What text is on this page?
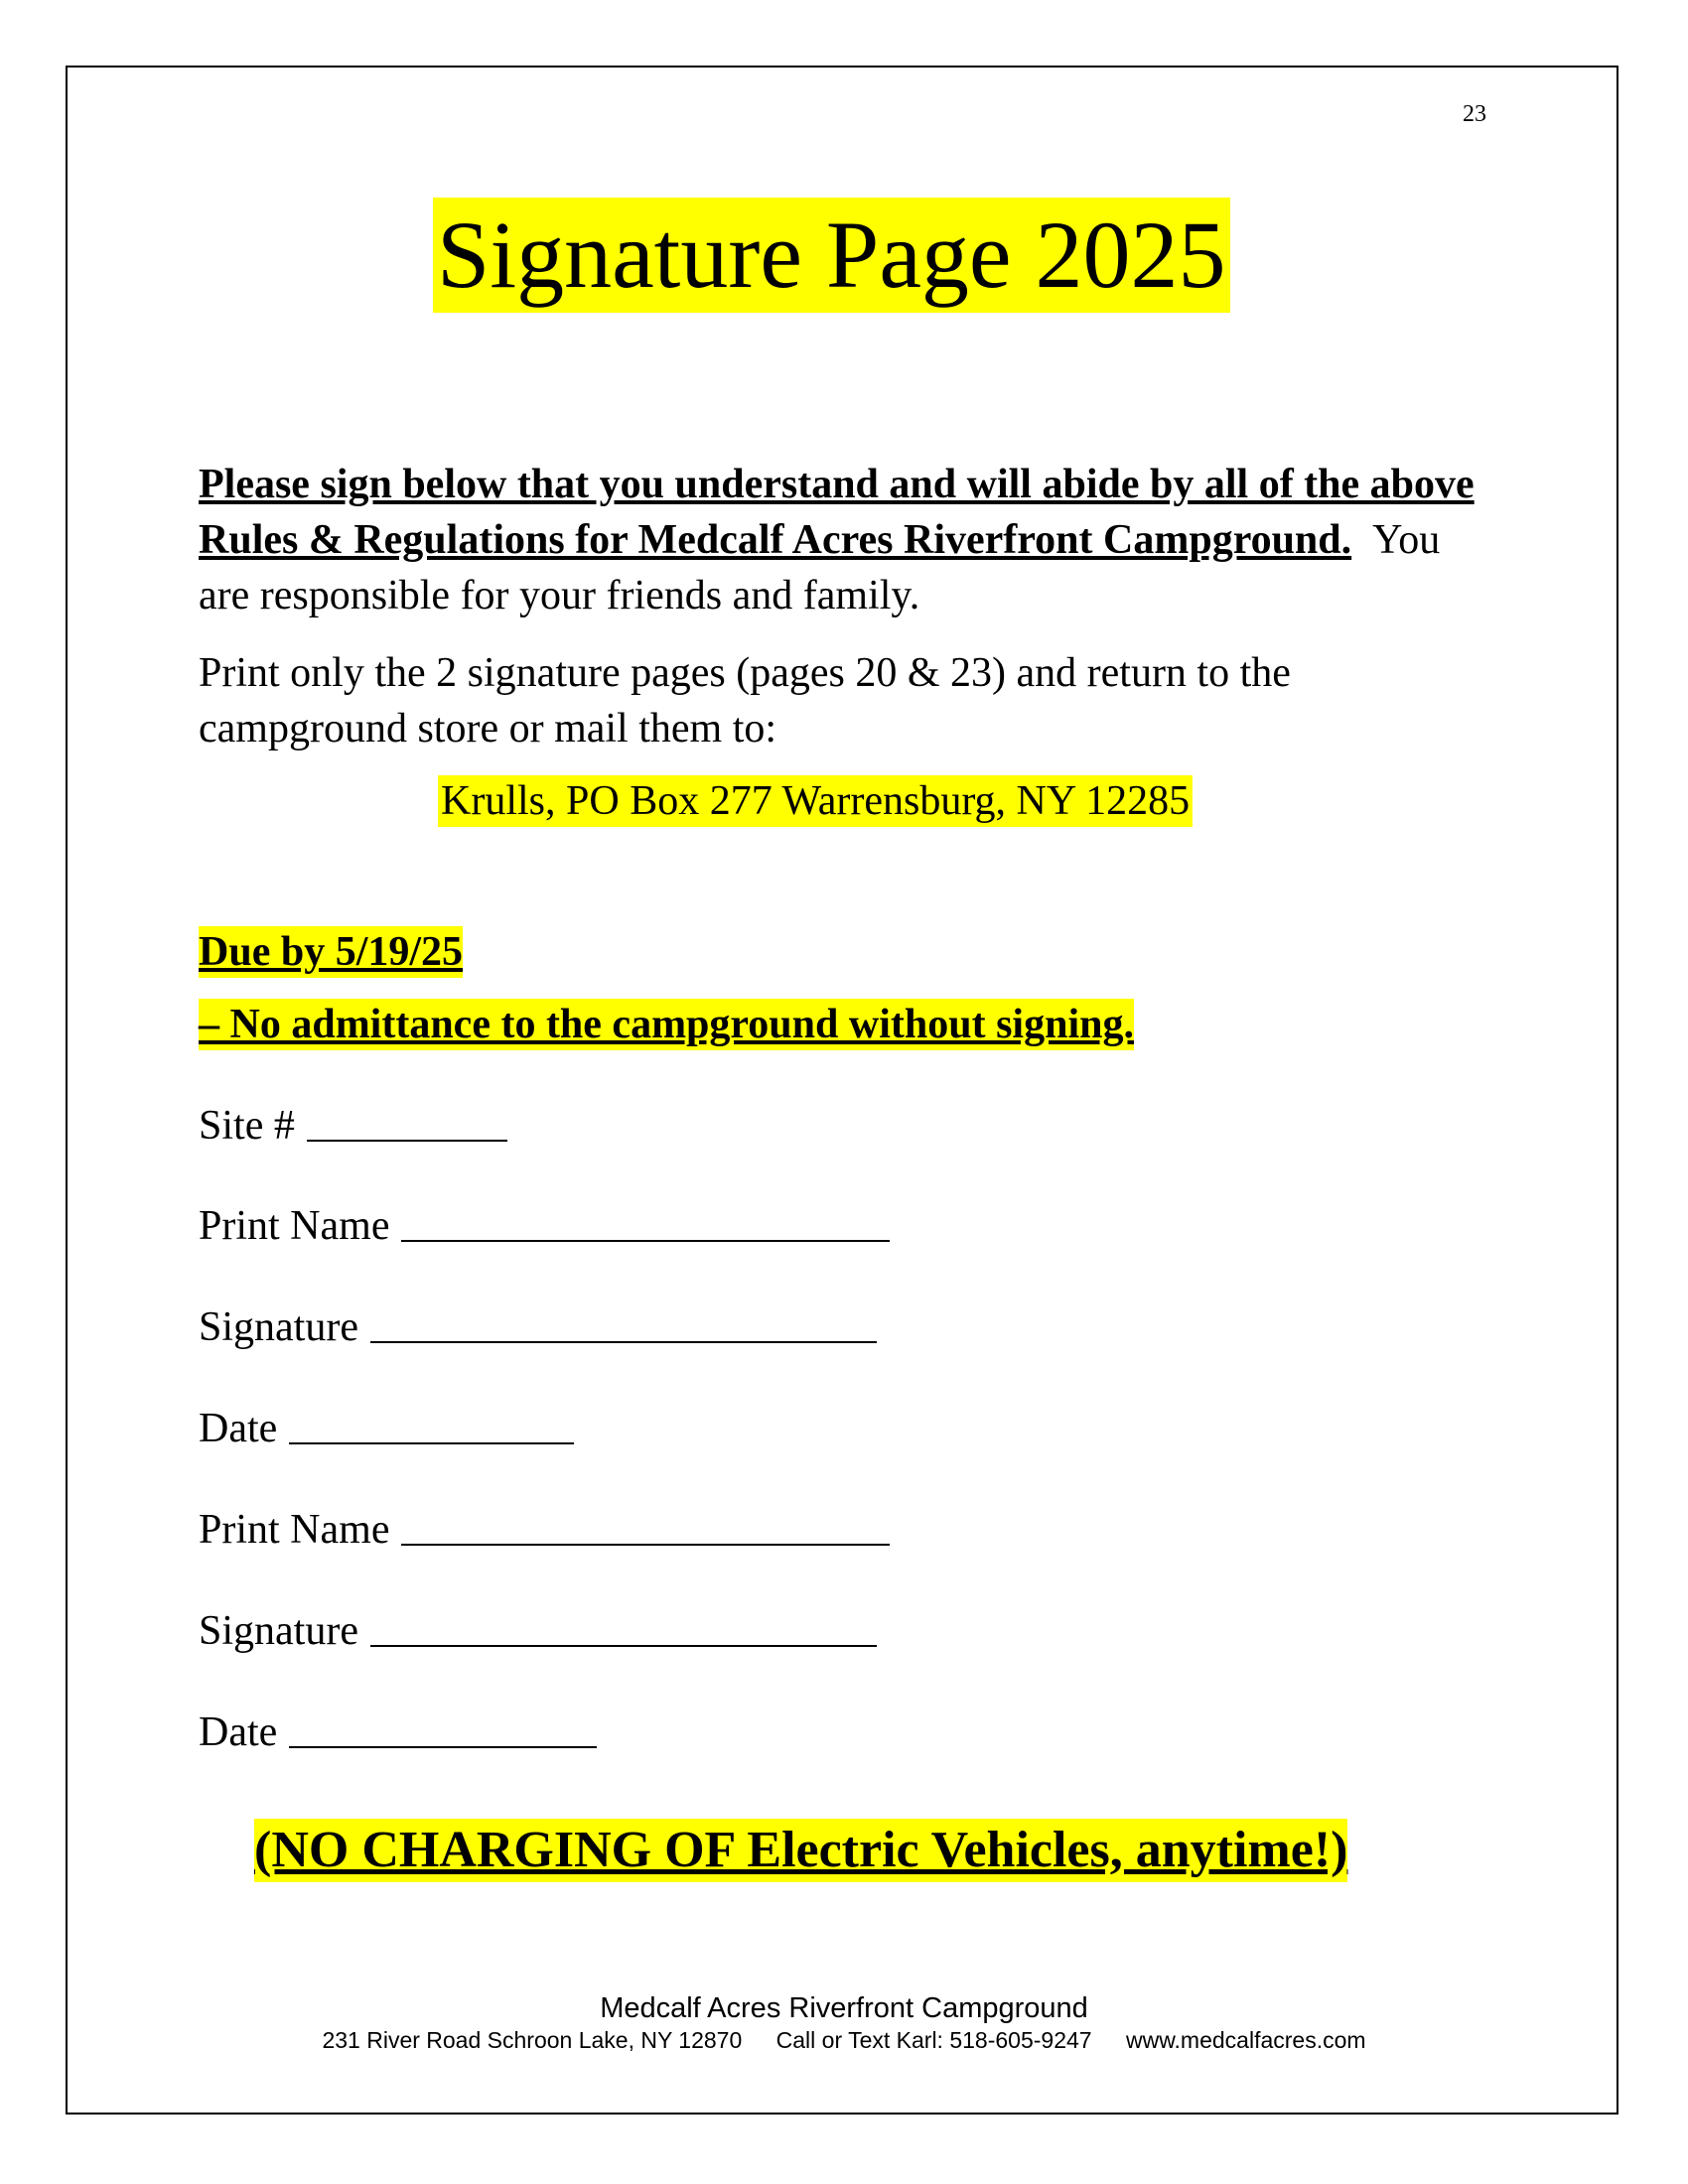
23
Signature Page 2025
Please sign below that you understand and will abide by all of the above Rules & Regulations for Medcalf Acres Riverfront Campground. You are responsible for your friends and family.
Print only the 2 signature pages (pages 20 & 23) and return to the campground store or mail them to:
Krulls, PO Box 277 Warrensburg, NY 12285
Due by 5/19/25
– No admittance to the campground without signing.
Site #
Print Name
Signature
Date
Print Name
Signature
Date
(NO CHARGING OF Electric Vehicles, anytime!)
Medcalf Acres Riverfront Campground
231 River Road Schroon Lake, NY 12870 Call or Text Karl: 518-605-9247 www.medcalfacres.com
